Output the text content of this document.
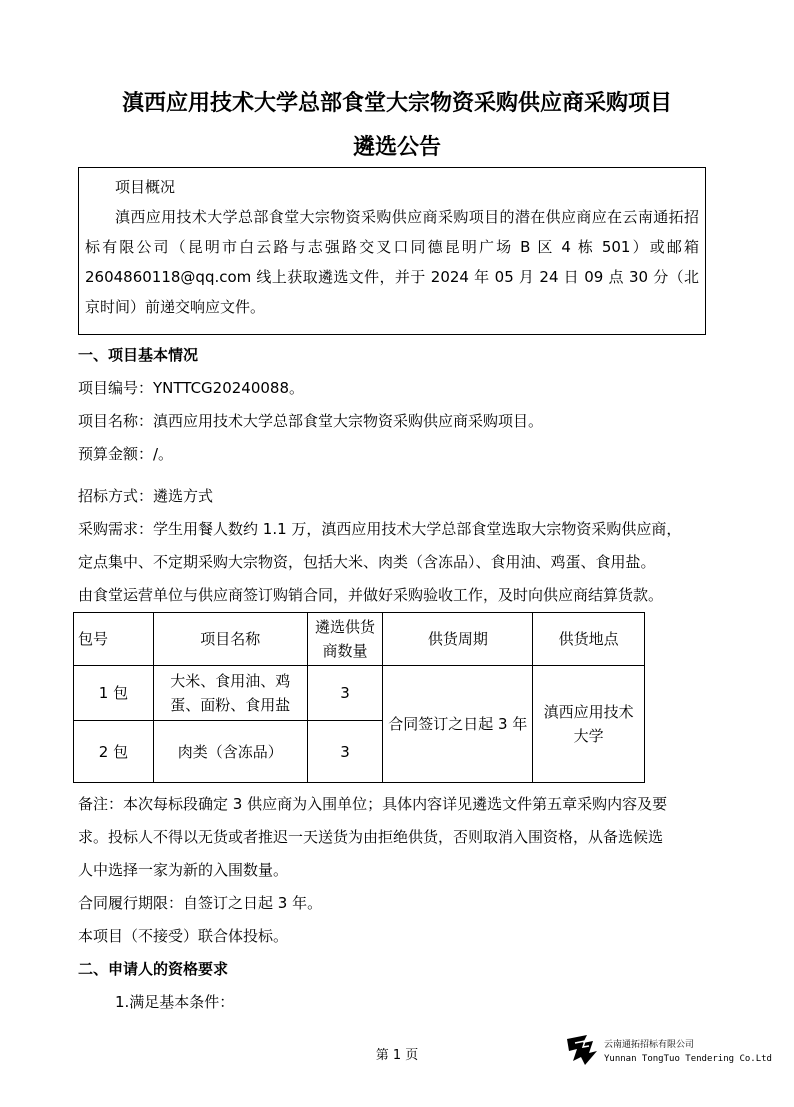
滇西应用技术大学总部食堂大宗物资采购供应商采购项目
遴选公告
项目概况
滇西应用技术大学总部食堂大宗物资采购供应商采购项目的潜在供应商应在云南通拓招标有限公司（昆明市白云路与志强路交叉口同德昆明广场 B 区 4 栋 501）或邮箱 2604860118@qq.com 线上获取遴选文件，并于 2024 年 05 月 24 日 09 点 30 分（北京时间）前递交响应文件。
一、项目基本情况
项目编号：YNTTCG20240088。
项目名称：滇西应用技术大学总部食堂大宗物资采购供应商采购项目。
预算金额：/。
招标方式：遴选方式
采购需求：学生用餐人数约 1.1 万，滇西应用技术大学总部食堂选取大宗物资采购供应商，
定点集中、不定期采购大宗物资，包括大米、肉类（含冻品）、食用油、鸡蛋、食用盐。
由食堂运营单位与供应商签订购销合同，并做好采购验收工作，及时向供应商结算货款。
包号	项目名称	遴选供货商数量	供货周期	供货地点
1 包	大米、食用油、鸡蛋、面粉、食用盐	3	合同签订之日起 3 年	滇西应用技术大学
2 包	肉类（含冻品）	3		
备注：本次每标段确定 3 供应商为入围单位；具体内容详见遴选文件第五章采购内容及要
求。投标人不得以无货或者推迟一天送货为由拒绝供货，否则取消入围资格，从备选候选
人中选择一家为新的入围数量。
合同履行期限：自签订之日起 3 年。
本项目（不接受）联合体投标。
二、申请人的资格要求
1.满足基本条件：
第 1 页
云南通拓招标有限公司
Yunnan TongTuo Tendering Co.Ltd
